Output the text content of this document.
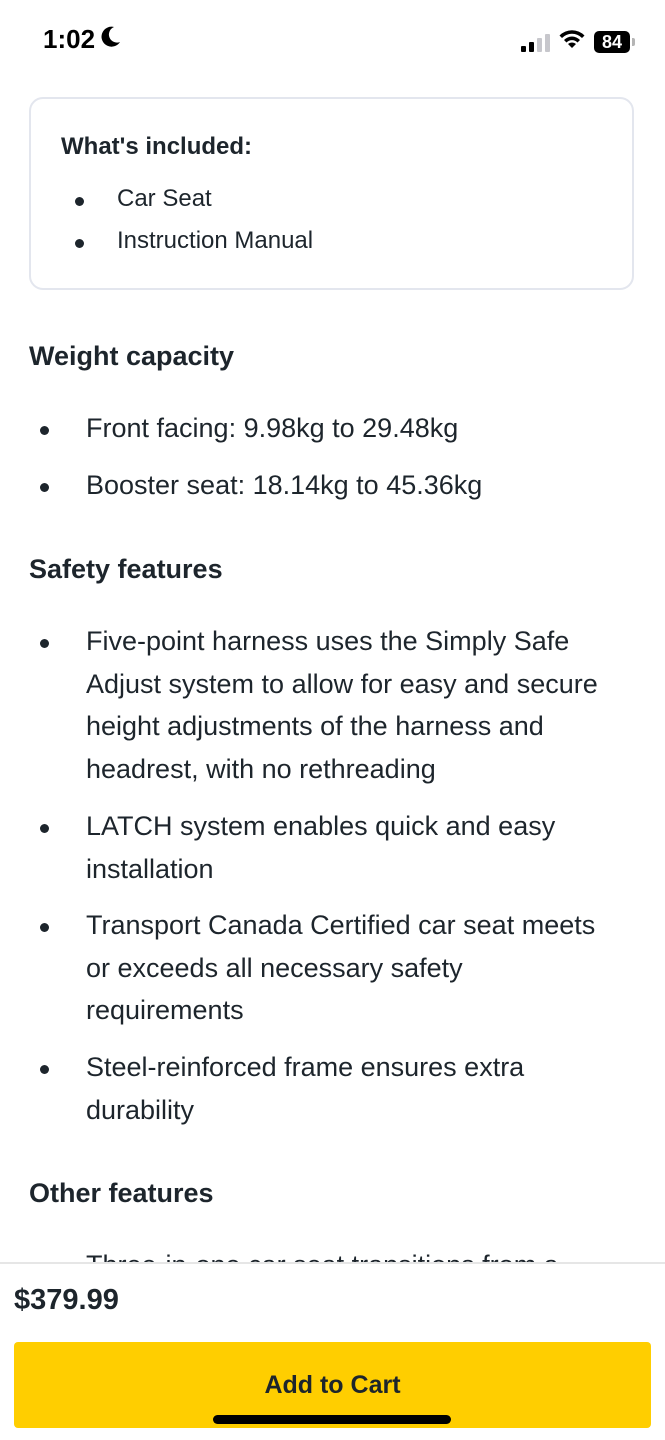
1:02	84
What's included:
Car Seat
Instruction Manual
Weight capacity
Front facing: 9.98kg to 29.48kg
Booster seat: 18.14kg to 45.36kg
Safety features
Five-point harness uses the Simply Safe Adjust system to allow for easy and secure height adjustments of the harness and headrest, with no rethreading
LATCH system enables quick and easy installation
Transport Canada Certified car seat meets or exceeds all necessary safety requirements
Steel-reinforced frame ensures extra durability
Other features
$379.99
Add to Cart
